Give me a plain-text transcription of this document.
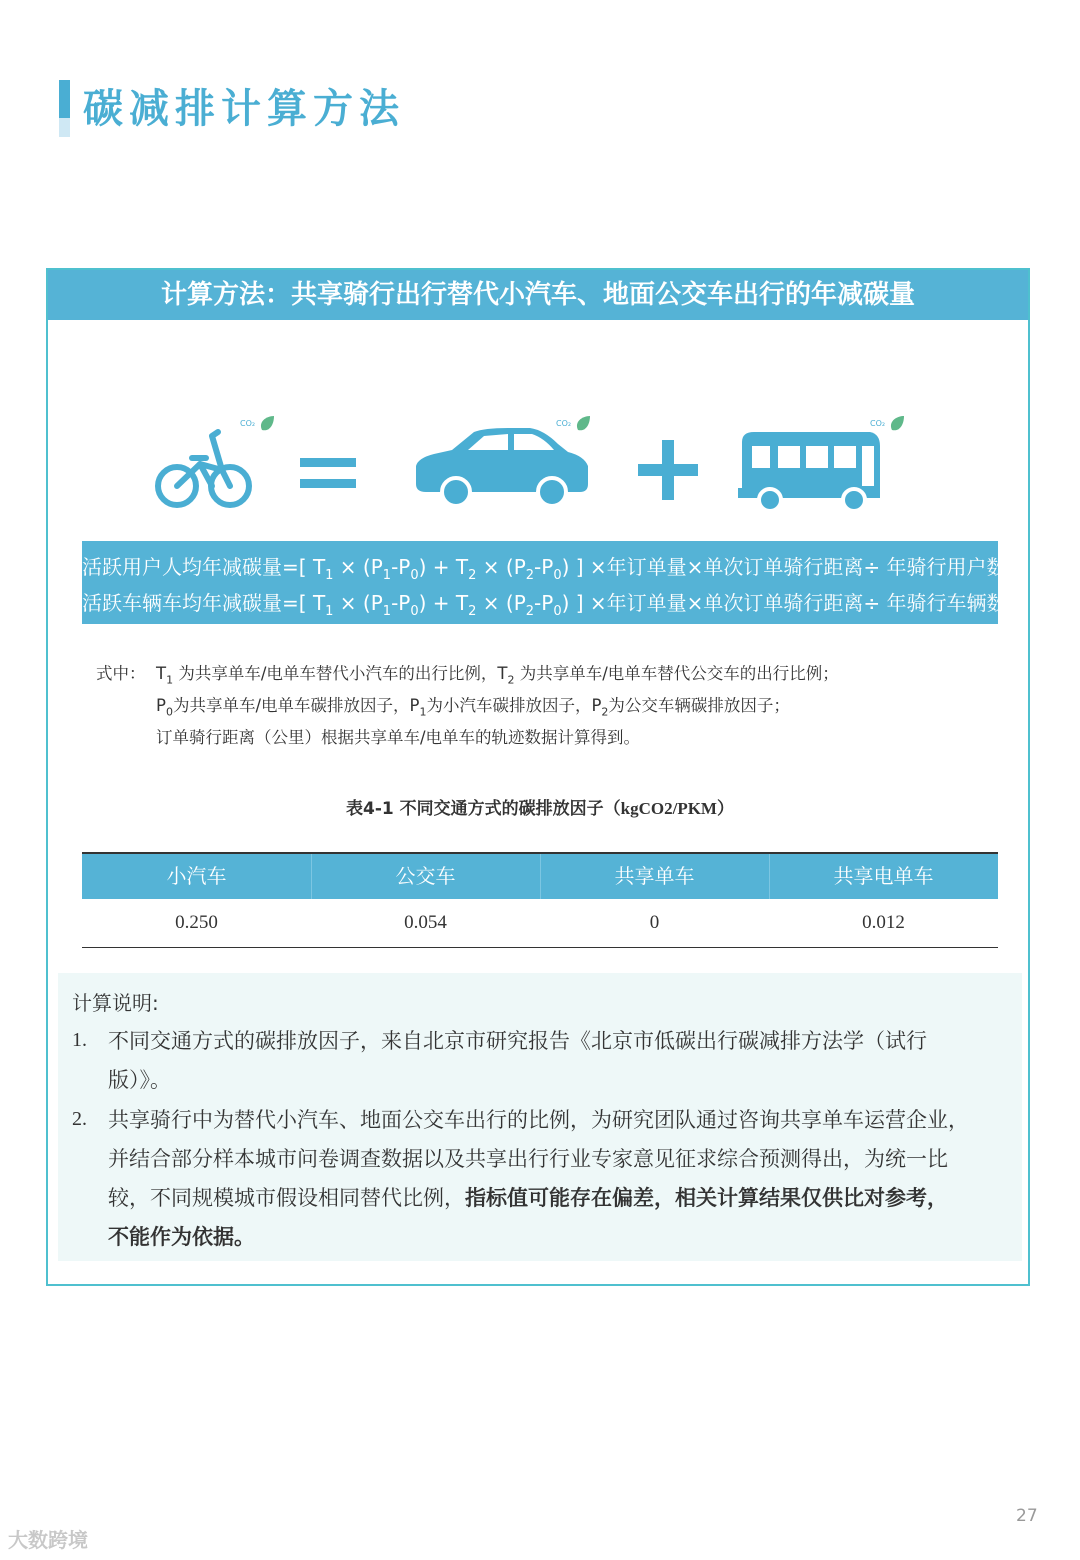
碳减排计算方法
计算方法：共享骑行出行替代小汽车、地面公交车出行的年减碳量
CO₂	CO₂	CO₂
活跃用户人均年减碳量=[ $T_1 \times (P_1-P_0) + T_2 \times (P_2-P_0)$ ] ×年订单量×单次订单骑行距离÷ 年骑行用户数
活跃车辆车均年减碳量=[ $T_1 \times (P_1-P_0) + T_2 \times (P_2-P_0)$ ] ×年订单量×单次订单骑行距离÷ 年骑行车辆数
式中： $T_1$ 为共享单车/电单车替代小汽车的出行比例，$T_2$ 为共享单车/电单车替代公交车的出行比例；
$P_0$为共享单车/电单车碳排放因子，$P_1$为小汽车碳排放因子，$P_2$为公交车辆碳排放因子；
订单骑行距离（公里）根据共享单车/电单车的轨迹数据计算得到。
表4-1 不同交通方式的碳排放因子（kgCO2/PKM）
小汽车	公交车	共享单车	共享电单车
0.250	0.054	0	0.012
计算说明:
1. 不同交通方式的碳排放因子，来自北京市研究报告《北京市低碳出行碳减排方法学（试行
版）》。
2. 共享骑行中为替代小汽车、地面公交车出行的比例，为研究团队通过咨询共享单车运营企业，
并结合部分样本城市问卷调查数据以及共享出行行业专家意见征求综合预测得出，为统一比
较，不同规模城市假设相同替代比例，指标值可能存在偏差，相关计算结果仅供比对参考，
不能作为依据。
27
大数跨境
